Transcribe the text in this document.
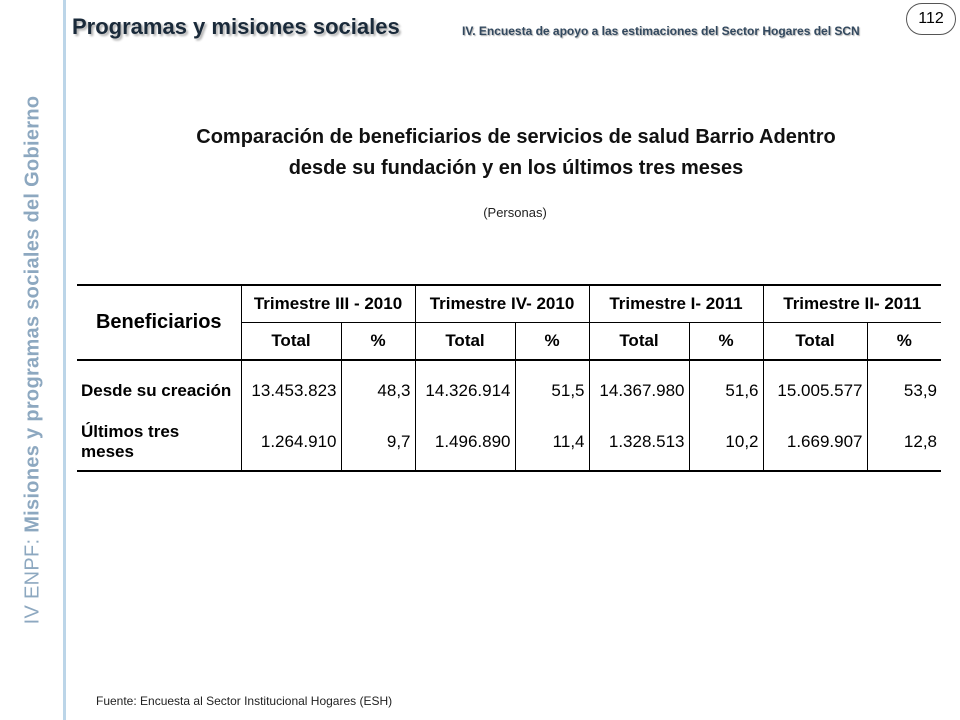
IV ENPF: Misiones y programas sociales del Gobierno
Programas y misiones sociales	IV. Encuesta de apoyo a las estimaciones del Sector Hogares del SCN
112
Comparación de beneficiarios de servicios de salud Barrio Adentro
desde su fundación y en los últimos tres meses
(Personas)
Beneficiarios	Trimestre III - 2010		Trimestre IV- 2010		Trimestre I- 2011		Trimestre II- 2011	
	Total	%	Total	%	Total	%	Total	%

Desde su creación	13.453.823	48,3	14.326.914	51,5	14.367.980	51,6	15.005.577	53,9
Últimos tres meses	1.264.910	9,7	1.496.890	11,4	1.328.513	10,2	1.669.907	12,8
Fuente: Encuesta al Sector Institucional Hogares (ESH)
